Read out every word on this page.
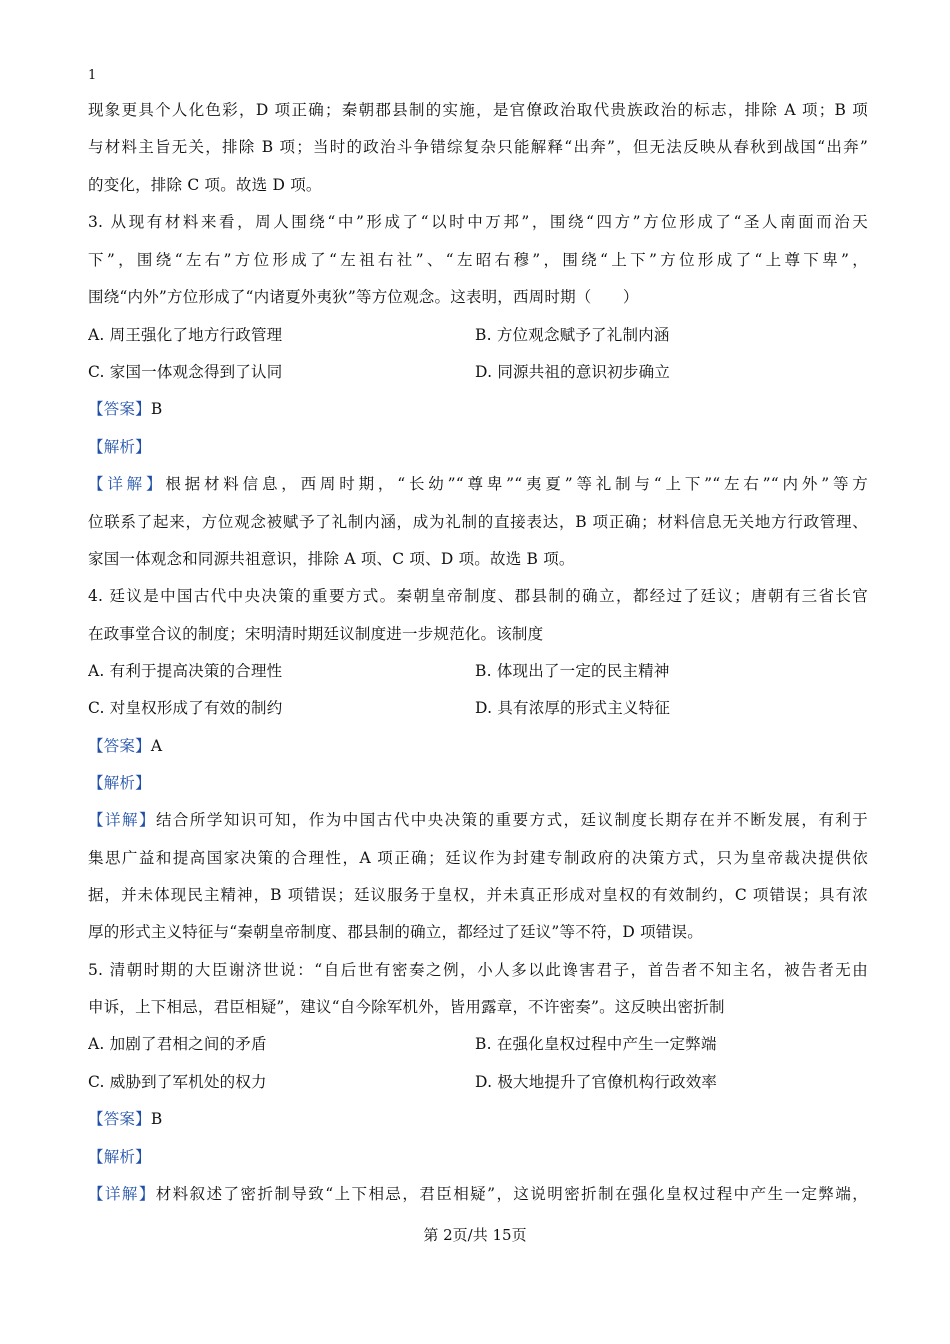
1
现象更具个人化色彩，D 项正确；秦朝郡县制的实施，是官僚政治取代贵族政治的标志，排除 A 项；B 项
与材料主旨无关，排除 B 项；当时的政治斗争错综复杂只能解释“出奔”，但无法反映从春秋到战国“出奔”
的变化，排除 C 项。故选 D 项。
3. 从现有材料来看，周人围绕“中”形成了“以时中万邦”，围绕“四方”方位形成了“圣人南面而治天
下”，围绕“左右”方位形成了“左祖右社”、“左昭右穆”，围绕“上下”方位形成了“上尊下卑”，
围绕“内外”方位形成了“内诸夏外夷狄”等方位观念。这表明，西周时期（　　）
A. 周王强化了地方行政管理	B. 方位观念赋予了礼制内涵
C. 家国一体观念得到了认同	D. 同源共祖的意识初步确立
【答案】B
【解析】
【详解】根据材料信息，西周时期，“长幼”“尊卑”“夷夏”等礼制与“上下”“左右”“内外”等方
位联系了起来，方位观念被赋予了礼制内涵，成为礼制的直接表达，B 项正确；材料信息无关地方行政管理、
家国一体观念和同源共祖意识，排除 A 项、C 项、D 项。故选 B 项。
4. 廷议是中国古代中央决策的重要方式。秦朝皇帝制度、郡县制的确立，都经过了廷议；唐朝有三省长官
在政事堂合议的制度；宋明清时期廷议制度进一步规范化。该制度
A. 有利于提高决策的合理性	B. 体现出了一定的民主精神
C. 对皇权形成了有效的制约	D. 具有浓厚的形式主义特征
【答案】A
【解析】
【详解】结合所学知识可知，作为中国古代中央决策的重要方式，廷议制度长期存在并不断发展，有利于
集思广益和提高国家决策的合理性，A 项正确；廷议作为封建专制政府的决策方式，只为皇帝裁决提供依
据，并未体现民主精神，B 项错误；廷议服务于皇权，并未真正形成对皇权的有效制约，C 项错误；具有浓
厚的形式主义特征与“秦朝皇帝制度、郡县制的确立，都经过了廷议”等不符，D 项错误。
5. 清朝时期的大臣谢济世说：“自后世有密奏之例，小人多以此谗害君子，首告者不知主名，被告者无由
申诉，上下相忌，君臣相疑”，建议“自今除军机外，皆用露章，不许密奏”。这反映出密折制
A. 加剧了君相之间的矛盾	B. 在强化皇权过程中产生一定弊端
C. 威胁到了军机处的权力	D. 极大地提升了官僚机构行政效率
【答案】B
【解析】
【详解】材料叙述了密折制导致“上下相忌，君臣相疑”，这说明密折制在强化皇权过程中产生一定弊端，
第 2页/共 15页
